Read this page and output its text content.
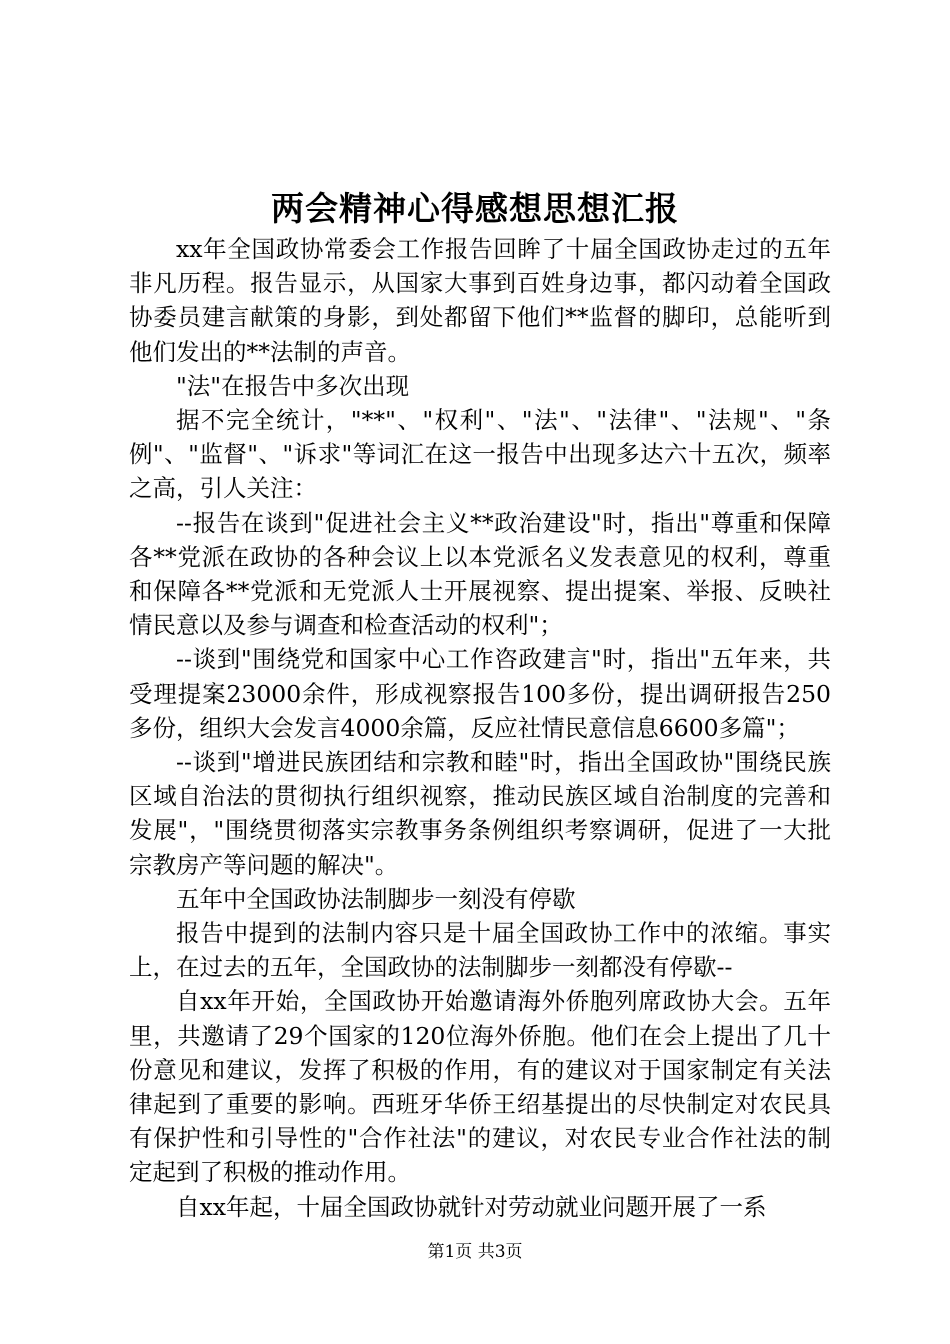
两会精神心得感想思想汇报

xx年全国政协常委会工作报告回眸了十届全国政协走过的五年非凡历程。报告显示，从国家大事到百姓身边事，都闪动着全国政协委员建言献策的身影，到处都留下他们**监督的脚印，总能听到他们发出的**法制的声音。

"法"在报告中多次出现

据不完全统计，"**"、"权利"、"法"、"法律"、"法规"、"条例"、"监督"、"诉求"等词汇在这一报告中出现多达六十五次，频率之高，引人关注：

--报告在谈到"促进社会主义**政治建设"时，指出"尊重和保障各**党派在政协的各种会议上以本党派名义发表意见的权利，尊重和保障各**党派和无党派人士开展视察、提出提案、举报、反映社情民意以及参与调查和检查活动的权利"；

--谈到"围绕党和国家中心工作咨政建言"时，指出"五年来，共受理提案23000余件，形成视察报告100多份，提出调研报告250多份，组织大会发言4000余篇，反应社情民意信息6600多篇"；

--谈到"增进民族团结和宗教和睦"时，指出全国政协"围绕民族区域自治法的贯彻执行组织视察，推动民族区域自治制度的完善和发展"，"围绕贯彻落实宗教事务条例组织考察调研，促进了一大批宗教房产等问题的解决"。

五年中全国政协法制脚步一刻没有停歇

报告中提到的法制内容只是十届全国政协工作中的浓缩。事实上，在过去的五年，全国政协的法制脚步一刻都没有停歇--

自xx年开始，全国政协开始邀请海外侨胞列席政协大会。五年里，共邀请了29个国家的120位海外侨胞。他们在会上提出了几十份意见和建议，发挥了积极的作用，有的建议对于国家制定有关法律起到了重要的影响。西班牙华侨王绍基提出的尽快制定对农民具有保护性和引导性的"合作社法"的建议，对农民专业合作社法的制定起到了积极的推动作用。

自xx年起，十届全国政协就针对劳动就业问题开展了一系

第1页 共3页
